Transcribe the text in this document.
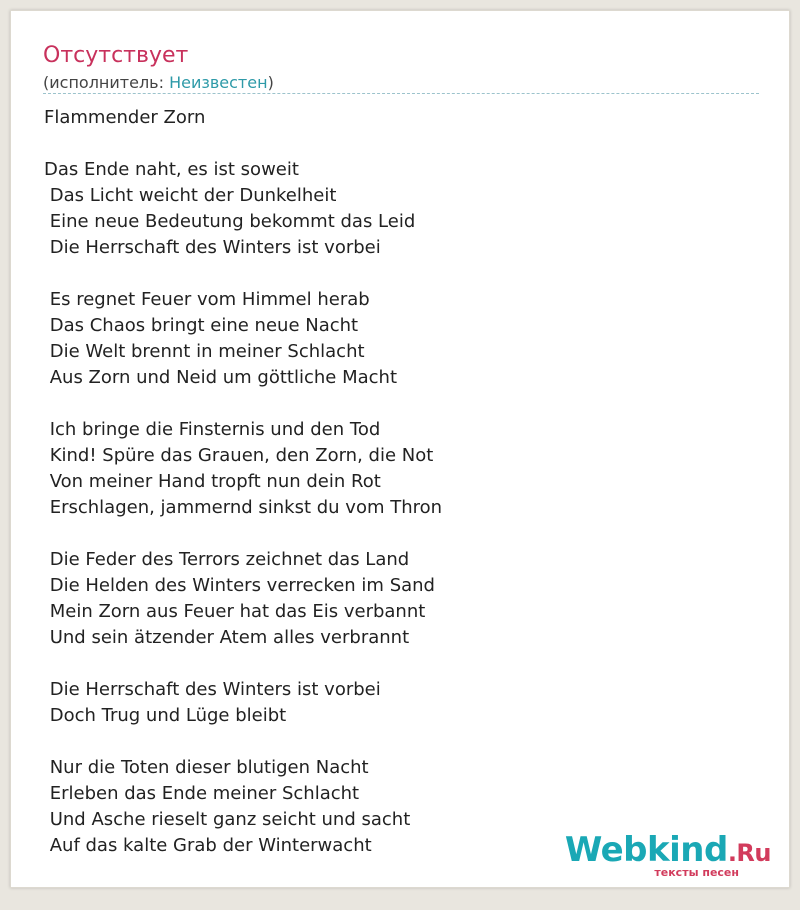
Отсутствует
(исполнитель: Неизвестен)
Flammender Zorn
Das Ende naht, es ist soweit
Das Licht weicht der Dunkelheit
Eine neue Bedeutung bekommt das Leid
Die Herrschaft des Winters ist vorbei
Es regnet Feuer vom Himmel herab
Das Chaos bringt eine neue Nacht
Die Welt brennt in meiner Schlacht
Aus Zorn und Neid um göttliche Macht
Ich bringe die Finsternis und den Tod
Kind! Spüre das Grauen, den Zorn, die Not
Von meiner Hand tropft nun dein Rot
Erschlagen, jammernd sinkst du vom Thron
Die Feder des Terrors zeichnet das Land
Die Helden des Winters verrecken im Sand
Mein Zorn aus Feuer hat das Eis verbannt
Und sein ätzender Atem alles verbrannt
Die Herrschaft des Winters ist vorbei
Doch Trug und Lüge bleibt
Nur die Toten dieser blutigen Nacht
Erleben das Ende meiner Schlacht
Und Asche rieselt ganz seicht und sacht
Auf das kalte Grab der Winterwacht	Webkind.Ru
тексты песен
